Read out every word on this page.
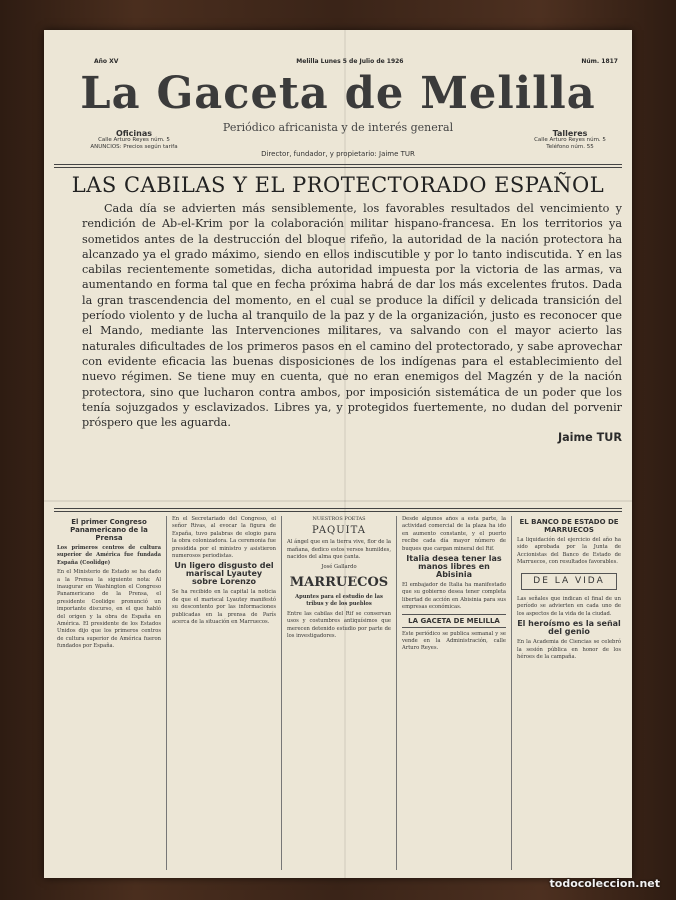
Año XV	Melilla Lunes 5 de Julio de 1926	Núm. 1817
La Gaceta de Melilla
Periódico africanista y de interés general
Oficinas
Calle Arturo Reyes núm. 5
ANUNCIOS: Precios según tarifa
Talleres
Calle Arturo Reyes núm. 5
Teléfono núm. 55
Director, fundador, y propietario: Jaime TUR
LAS CABILAS Y EL PROTECTORADO ESPAÑOL
Cada día se advierten más sensiblemente, los favorables resultados del vencimiento y rendición de Ab-el-Krim por la colaboración militar hispano-francesa. En los territorios ya sometidos antes de la destrucción del bloque rifeño, la autoridad de la nación protectora ha alcanzado ya el grado máximo, siendo en ellos indiscutible y por lo tanto indiscutida. Y en las cabilas recientemente sometidas, dicha autoridad impuesta por la victoria de las armas, va aumentando en forma tal que en fecha próxima habrá de dar los más excelentes frutos. Dada la gran trascendencia del momento, en el cual se produce la difícil y delicada transición del período violento y de lucha al tranquilo de la paz y de la organización, justo es reconocer que el Mando, mediante las Intervenciones militares, va salvando con el mayor acierto las naturales dificultades de los primeros pasos en el camino del protectorado, y sabe aprovechar con evidente eficacia las buenas disposiciones de los indígenas para el establecimiento del nuevo régimen. Se tiene muy en cuenta, que no eran enemigos del Magzén y de la nación protectora, sino que lucharon contra ambos, por imposición sistemática de un poder que los tenía sojuzgados y esclavizados. Libres ya, y protegidos fuertemente, no dudan del porvenir próspero que les aguarda.
Jaime TUR
El primer Congreso Panamericano de la Prensa

Los primeros centros de cultura superior de América fue fundada España (Coolidge)

En el Ministerio de Estado se ha dado a la Prensa la siguiente nota: Al inaugurar en Washington el Congreso Panamericano de la Prensa, el presidente Coolidge pronunció un importante discurso, en el que habló del origen y la obra de España en América. El presidente de los Estados Unidos dijo que los primeros centros de cultura superior de América fueron fundados por España.

En el Secretariado del Congreso, el señor Rivas, al evocar la figura de España, tuvo palabras de elogio para la obra colonizadora. La ceremonia fue presidida por el ministro y asistieron numerosos periodistas.

Un ligero disgusto del mariscal Lyautey sobre Lorenzo

Se ha recibido en la capital la noticia de que el mariscal Lyautey manifestó su descontento por las informaciones publicadas en la prensa de París acerca de la situación en Marruecos.

NUESTROS POETAS
PAQUITA

Al ángel que en la tierra vive, flor de la mañana, dedico estos versos humildes, nacidos del alma que canta.

José Gallardo

MARRUECOS

Apuntes para el estudio de las tribus y de los pueblos

Entre las cabilas del Rif se conservan usos y costumbres antiquísimos que merecen detenido estudio por parte de los investigadores.

Desde algunos años a esta parte, la actividad comercial de la plaza ha ido en aumento constante, y el puerto recibe cada día mayor número de buques que cargan mineral del Rif.

Italia desea tener las manos libres en Abisinia

El embajador de Italia ha manifestado que su gobierno desea tener completa libertad de acción en Abisinia para sus empresas económicas.

LA GACETA DE MELILLA

Este periódico se publica semanal y se vende en la Administración, calle Arturo Reyes.

EL BANCO DE ESTADO DE MARRUECOS

La liquidación del ejercicio del año ha sido aprobada por la Junta de Accionistas del Banco de Estado de Marruecos, con resultados favorables.

DE LA VIDA

Las señales que indican el final de un período se advierten en cada uno de los aspectos de la vida de la ciudad.

El heroísmo es la señal del genio

En la Academia de Ciencias se celebró la sesión pública en honor de los héroes de la campaña.

todocoleccion.net
